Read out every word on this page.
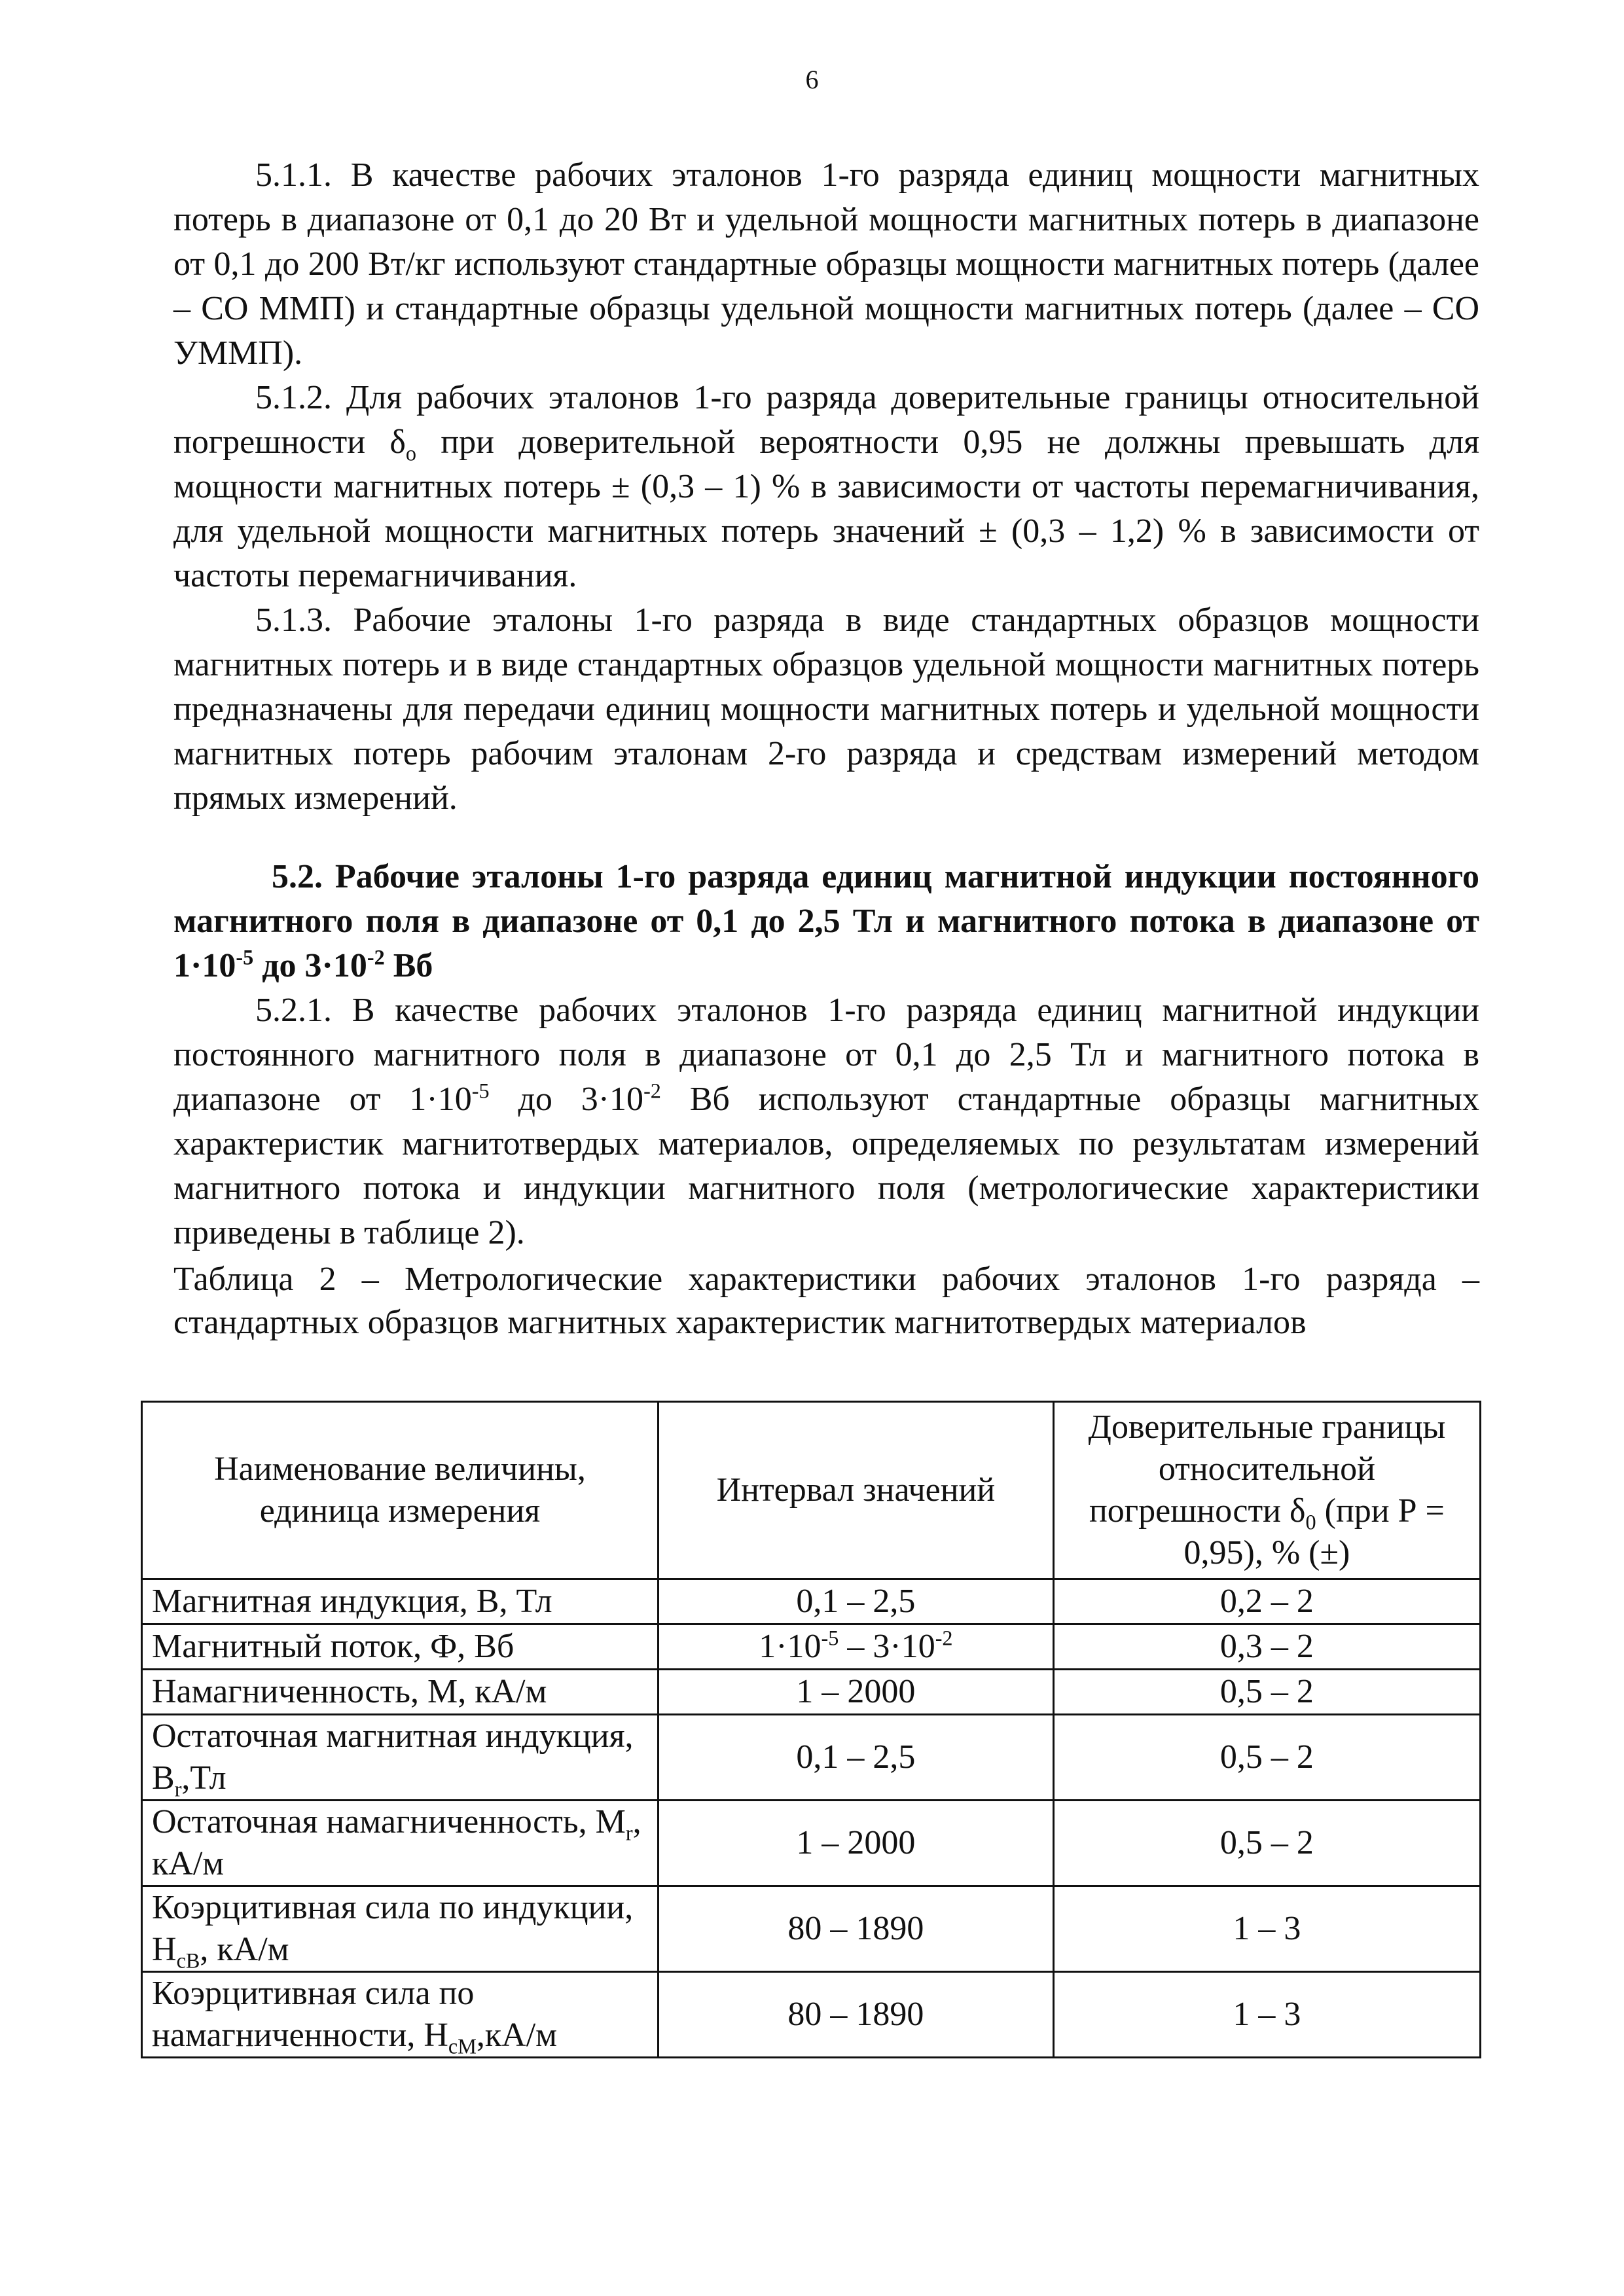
6

5.1.1. В качестве рабочих эталонов 1-го разряда единиц мощности магнитных потерь в диапазоне от 0,1 до 20 Вт и удельной мощности магнитных потерь в диапазоне от 0,1 до 200 Вт/кг используют стандартные образцы мощности магнитных потерь (далее – СО ММП) и стандартные образцы удельной мощности магнитных потерь (далее – СО УММП).

5.1.2. Для рабочих эталонов 1-го разряда доверительные границы относительной погрешности $\delta_о$ при доверительной вероятности 0,95 не должны превышать для мощности магнитных потерь ± (0,3 – 1) % в зависимости от частоты перемагничивания, для удельной мощности магнитных потерь значений ± (0,3 – 1,2) % в зависимости от частоты перемагничивания.

5.1.3. Рабочие эталоны 1-го разряда в виде стандартных образцов мощности магнитных потерь и в виде стандартных образцов удельной мощности магнитных потерь предназначены для передачи единиц мощности магнитных потерь и удельной мощности магнитных потерь рабочим эталонам 2-го разряда и средствам измерений методом прямых измерений.

5.2. Рабочие эталоны 1-го разряда единиц магнитной индукции постоянного магнитного поля в диапазоне от 0,1 до 2,5 Тл и магнитного потока в диапазоне от $1\cdot 10^{-5}$ до $3\cdot 10^{-2}$ Вб

5.2.1. В качестве рабочих эталонов 1-го разряда единиц магнитной индукции постоянного магнитного поля в диапазоне от 0,1 до 2,5 Тл и магнитного потока в диапазоне от $1\cdot 10^{-5}$ до $3\cdot 10^{-2}$ Вб используют стандартные образцы магнитных характеристик магнитотвердых материалов, определяемых по результатам измерений магнитного потока и индукции магнитного поля (метрологические характеристики приведены в таблице 2).

Таблица 2 – Метрологические характеристики рабочих эталонов 1-го разряда – стандартных образцов магнитных характеристик магнитотвердых материалов

Наименование величины, единица измерения	Интервал значений	Доверительные границы относительной погрешности $\delta_0$ (при Р = 0,95), % (±)
Магнитная индукция, В, Тл	0,1 – 2,5	0,2 – 2
Магнитный поток, Ф, Вб	$1\cdot 10^{-5} - 3\cdot 10^{-2}$	0,3 – 2
Намагниченность, М, кА/м	1 – 2000	0,5 – 2
Остаточная магнитная индукция, $В_r,Тл$	0,1 – 2,5	0,5 – 2
Остаточная намагниченность, $М_r$, кА/м	1 – 2000	0,5 – 2
Коэрцитивная сила по индукции, $Н_{сВ}$, кА/м	80 – 1890	1 – 3
Коэрцитивная сила по намагниченности, $Н_{сМ},кА/м$	80 – 1890	1 – 3
